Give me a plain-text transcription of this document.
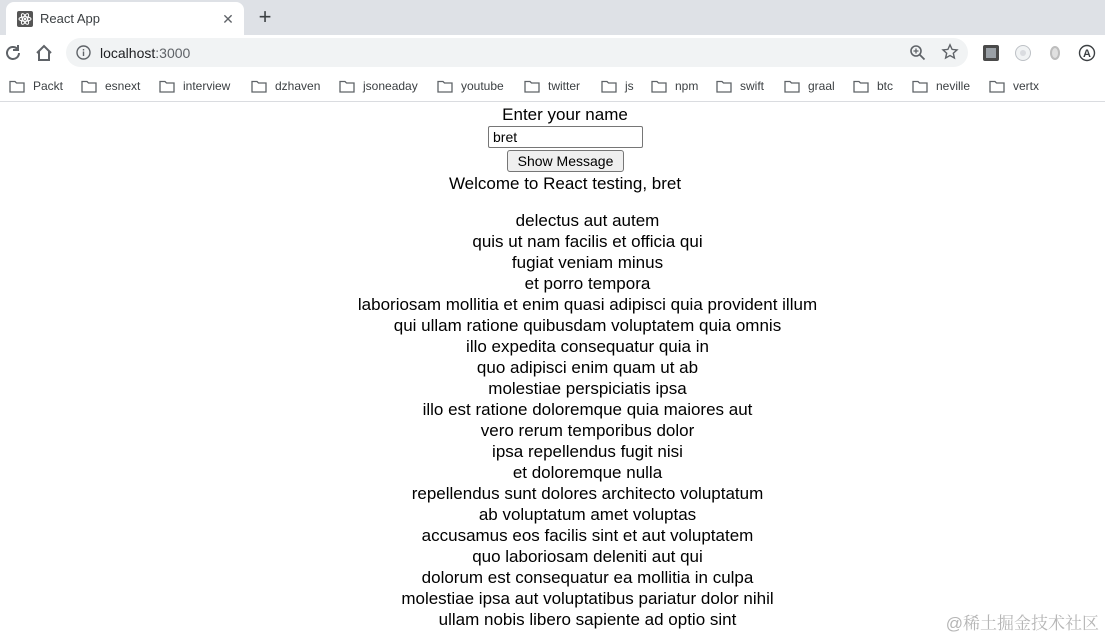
React App	✕ +
localhost:3000	A
Packt	esnext	interview	dzhaven	jsoneaday	youtube	twitter	js	npm	swift	graal	btc	neville	vertx
Enter your name
bret
Show Message
Welcome to React testing, bret
delectus aut autem
quis ut nam facilis et officia qui
fugiat veniam minus
et porro tempora
laboriosam mollitia et enim quasi adipisci quia provident illum
qui ullam ratione quibusdam voluptatem quia omnis
illo expedita consequatur quia in
quo adipisci enim quam ut ab
molestiae perspiciatis ipsa
illo est ratione doloremque quia maiores aut
vero rerum temporibus dolor
ipsa repellendus fugit nisi
et doloremque nulla
repellendus sunt dolores architecto voluptatum
ab voluptatum amet voluptas
accusamus eos facilis sint et aut voluptatem
quo laboriosam deleniti aut qui
dolorum est consequatur ea mollitia in culpa
molestiae ipsa aut voluptatibus pariatur dolor nihil
ullam nobis libero sapiente ad optio sint	@稀土掘金技术社区
